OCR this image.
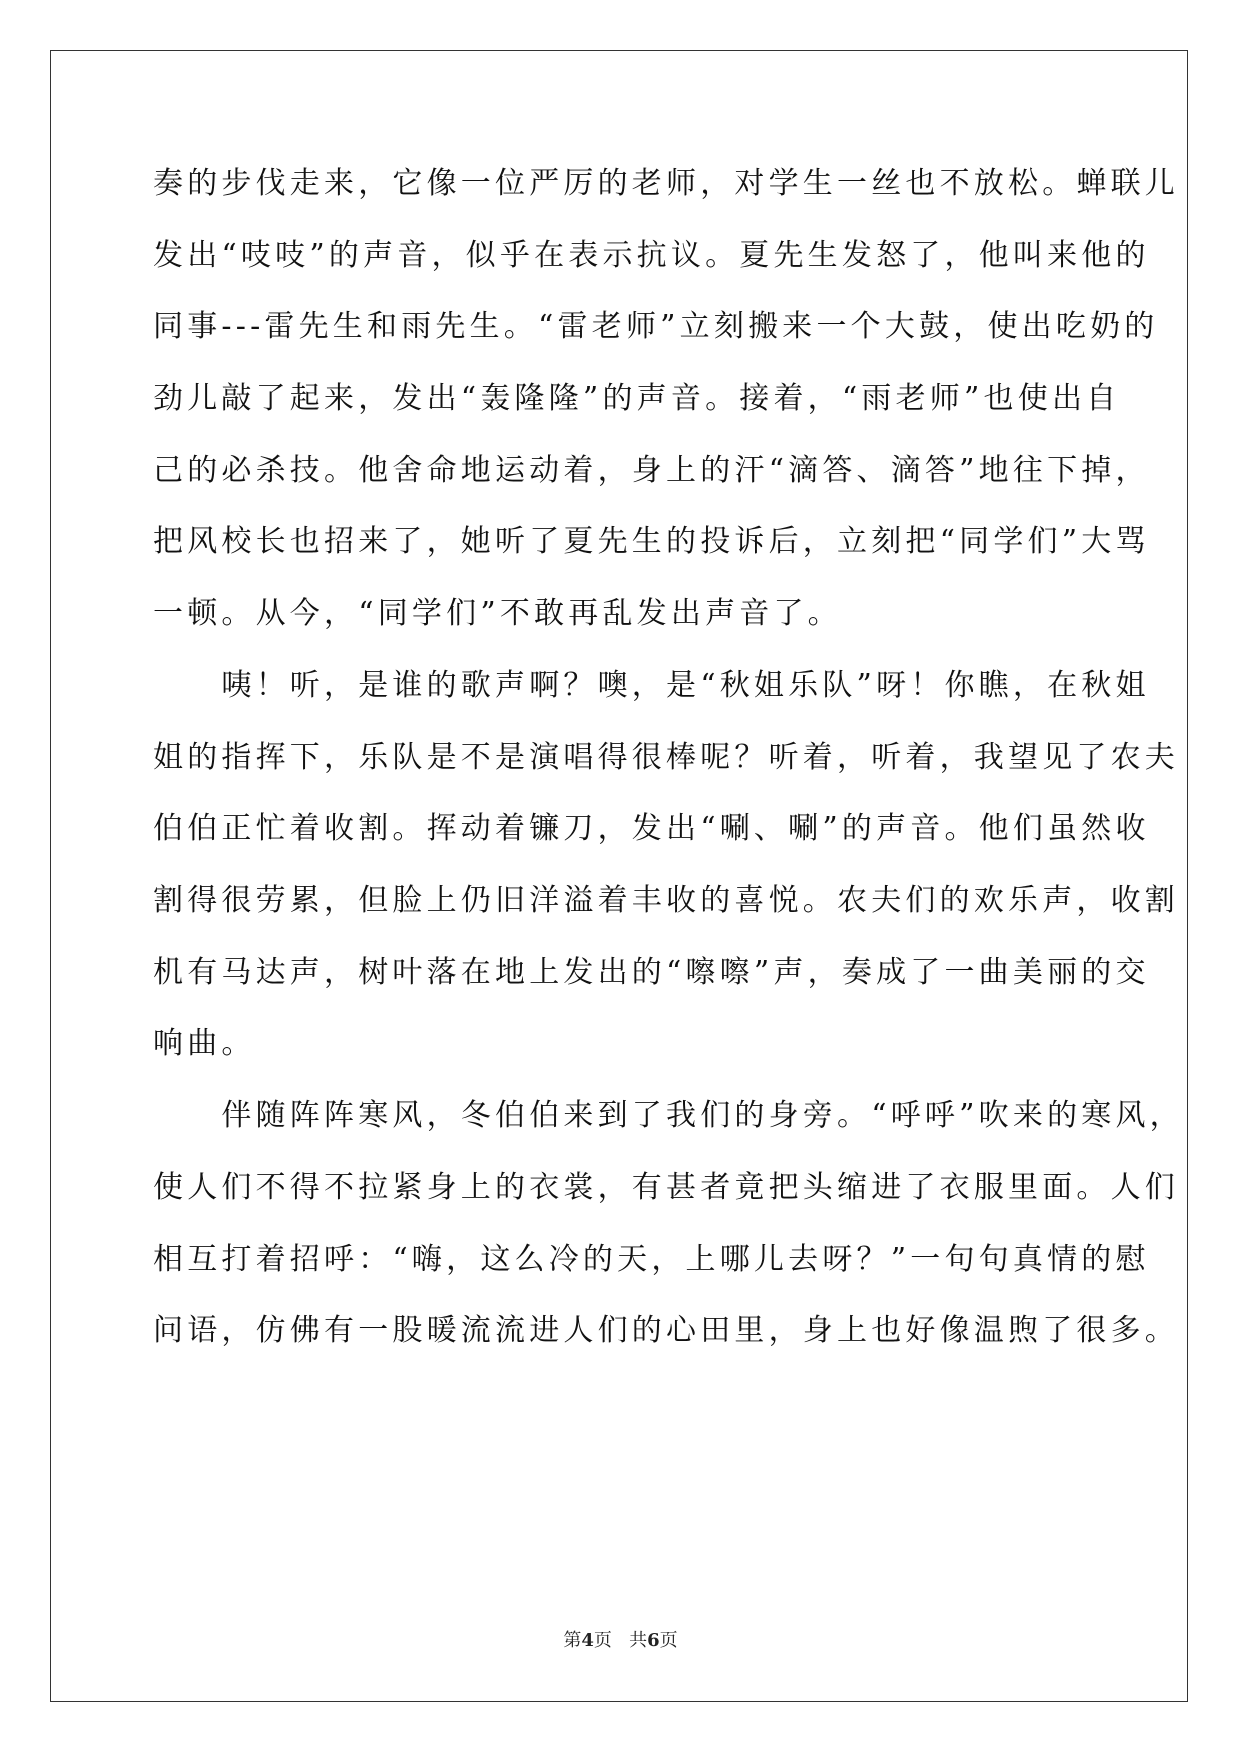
奏的步伐走来，它像一位严厉的老师，对学生一丝也不放松。蝉联儿
发出“吱吱”的声音，似乎在表示抗议。夏先生发怒了，他叫来他的
同事---雷先生和雨先生。“雷老师”立刻搬来一个大鼓，使出吃奶的
劲儿敲了起来，发出“轰隆隆”的声音。接着，“雨老师”也使出自
己的必杀技。他舍命地运动着，身上的汗“滴答、滴答”地往下掉，
把风校长也招来了，她听了夏先生的投诉后，立刻把“同学们”大骂
一顿。从今，“同学们”不敢再乱发出声音了。
　　咦！听，是谁的歌声啊？噢，是“秋姐乐队”呀！你瞧，在秋姐
姐的指挥下，乐队是不是演唱得很棒呢？听着，听着，我望见了农夫
伯伯正忙着收割。挥动着镰刀，发出“唰、唰”的声音。他们虽然收
割得很劳累，但脸上仍旧洋溢着丰收的喜悦。农夫们的欢乐声，收割
机有马达声，树叶落在地上发出的“嚓嚓”声，奏成了一曲美丽的交
响曲。
　　伴随阵阵寒风，冬伯伯来到了我们的身旁。“呼呼”吹来的寒风，
使人们不得不拉紧身上的衣裳，有甚者竟把头缩进了衣服里面。人们
相互打着招呼：“嗨，这么冷的天，上哪儿去呀？”一句句真情的慰
问语，仿佛有一股暖流流进人们的心田里，身上也好像温煦了很多。
第4页 共6页
